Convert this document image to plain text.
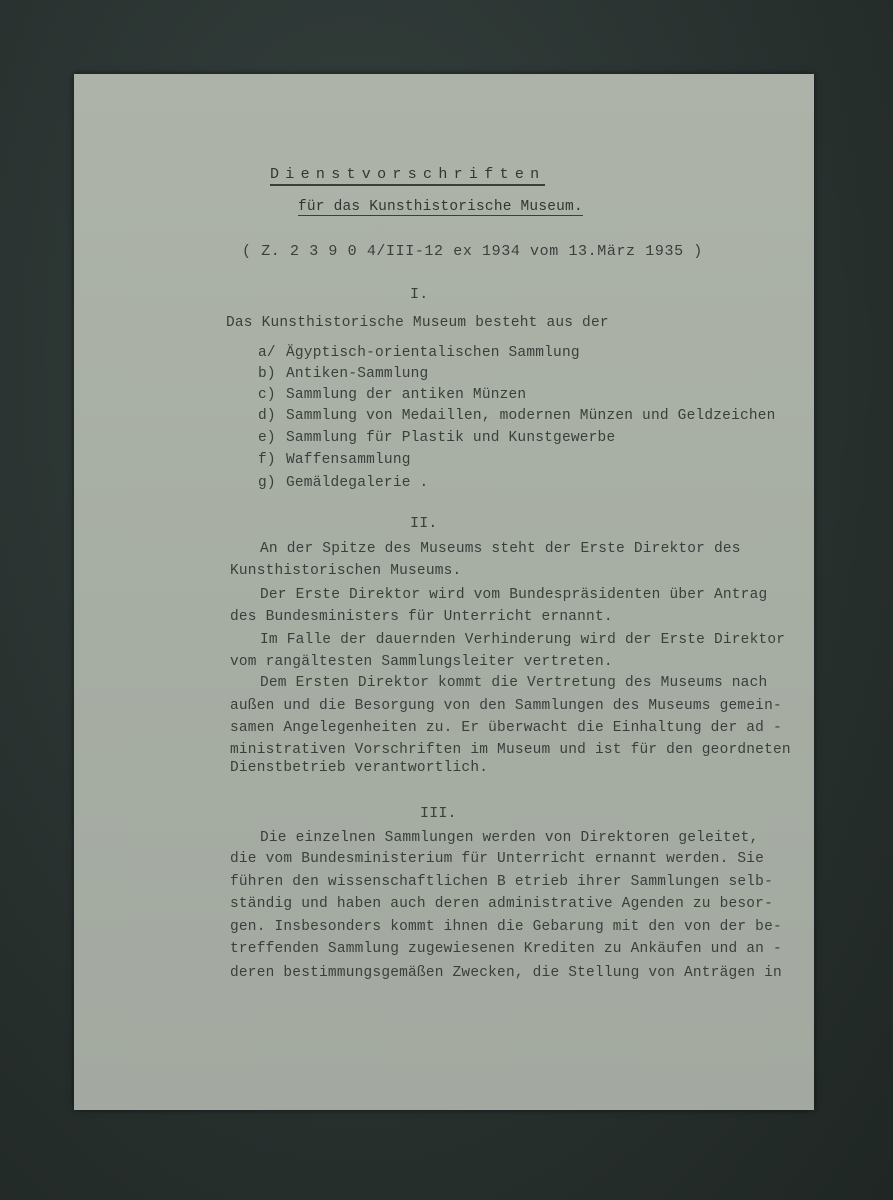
Dienstvorschriften

für das Kunsthistorische Museum.

( Z. 2 3 9 0 4/III-12 ex 1934 vom 13.März 1935 )

I.

Das Kunsthistorische Museum besteht aus der

a/ Ägyptisch-orientalischen Sammlung

b) Antiken-Sammlung

c) Sammlung der antiken Münzen

d) Sammlung von Medaillen, modernen Münzen und Geldzeichen

e) Sammlung für Plastik und Kunstgewerbe

f) Waffensammlung

g) Gemäldegalerie .

II.

An der Spitze des Museums steht der Erste Direktor des

Kunsthistorischen Museums.

Der Erste Direktor wird vom Bundespräsidenten über Antrag

des Bundesministers für Unterricht ernannt.

Im Falle der dauernden Verhinderung wird der Erste Direktor

vom rangältesten Sammlungsleiter vertreten.

Dem Ersten Direktor kommt die Vertretung des Museums nach

außen und die Besorgung von den Sammlungen des Museums gemein-

samen Angelegenheiten zu. Er überwacht die Einhaltung der ad -

ministrativen Vorschriften im Museum und ist für den geordneten

Dienstbetrieb verantwortlich.

III.

Die einzelnen Sammlungen werden von Direktoren geleitet,

die vom Bundesministerium für Unterricht ernannt werden. Sie

führen den wissenschaftlichen B etrieb ihrer Sammlungen selb-

ständig und haben auch deren administrative Agenden zu besor-

gen. Insbesonders kommt ihnen die Gebarung mit den von der be-

treffenden Sammlung zugewiesenen Krediten zu Ankäufen und an -

deren bestimmungsgemäßen Zwecken, die Stellung von Anträgen in
